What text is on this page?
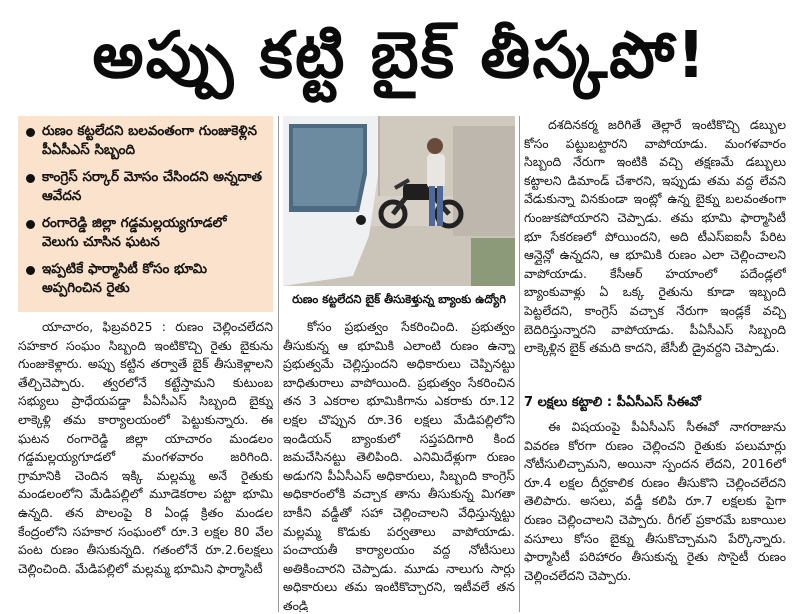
అప్పు కట్టి బైక్ తీస్కపో!
రుణం కట్టలేదని బలవంతంగా గుంజుకెళ్లిన పీఏసీఎస్ సిబ్బంది
కాంగ్రెస్ సర్కార్ మోసం చేసిందని అన్నదాత ఆవేదన
రంగారెడ్డి జిల్లా గడ్డమల్లయ్యగూడలో వెలుగు చూసిన ఘటన
ఇప్పటికే ఫార్మాసిటీ కోసం భూమి అప్పగించిన రైతు
రుణం కట్టలేదని బైక్ తీసుకెళ్తున్న బ్యాంకు ఉద్యోగి

యాచారం, ఫిబ్రవరి25 : రుణం చెల్లించలేదని సహకార సంఘం సిబ్బంది ఇంటికొచ్చి రైతు బైకును గుంజుకెళ్లారు. అప్పు కట్టిన తర్వాతే బైక్ తీసుకెళ్లాలని తేల్చిచెప్పారు. త్వరలోనే కట్టేస్తామని కుటుంబ సభ్యులు ప్రాధేయపడ్డా పీఏసీఎస్ సిబ్బంది బైక్ను లాక్కెళ్లి తమ కార్యాలయంలో పెట్టుకున్నారు. ఈ ఘటన రంగారెడ్డి జిల్లా యాచారం మండలం గడ్డమల్లయ్యగూడలో మంగళవారం జరిగింది. గ్రామానికి చెందిన ఇక్కి మల్లమ్మ అనే రైతుకు మండలంలోని మేడిపల్లిలో మూడెకరాల పట్టా భూమి ఉన్నది. తన పొలంపై 8 ఏండ్ల క్రితం మండల కేంద్రంలోని సహకార సంఘంలో రూ.3 లక్షల 80 వేల పంట రుణం తీసుకున్నది. గతంలోనే రూ.2.6లక్షలు చెల్లించింది. మేడిపల్లిలో మల్లమ్మ భూమిని ఫార్మాసిటీ

కోసం ప్రభుత్వం సేకరించింది. ప్రభుత్వం తీసుకున్న ఆ భూమికి ఎలాంటి రుణం ఉన్నా ప్రభుత్వమే చెల్లిస్తుందని అధికారులు చెప్పినట్టు బాధితురాలు వాపోయింది. ప్రభుత్వం సేకరించిన తన 3 ఎకరాల భూమికిగాను ఎకరాకు రూ.12 లక్షల చొప్పున రూ.36 లక్షలు మేడిపల్లిలోని ఇండియన్ బ్యాంకులో సప్తపదిగారి కింద జమచేసినట్టు తెలిపింది. ఎనిమిదేళ్లుగా రుణం అడుగని పీఏసీఎస్ అధికారులు, సిబ్బంది కాంగ్రెస్ అధికారంలోకి వచ్చాక తాను తీసుకున్న మిగతా బాకీని వడ్డీతో సహా చెల్లించాలని వేధిస్తున్నట్టు మల్లమ్మ కొడుకు పర్వతాలు వాపోయాడు. పంచాయతీ కార్యాలయం వద్ద నోటీసులు అతికించారని చెప్పాడు. మూడు నాలుగు సార్లు అధికారులు తమ ఇంటికొచ్చారని, ఇటీవలే తన తండ్రి

దశదినకర్మ జరిగితే తెల్లారే ఇంటికొచ్చి డబ్బుల కోసం పట్టుబట్టారని వాపోయాడు. మంగళవారం సిబ్బంది నేరుగా ఇంటికి వచ్చి తక్షణమే డబ్బులు కట్టాలని డిమాండ్ చేశారని, ఇప్పుడు తమ వద్ద లేవని వేడుకున్నా వినకుండా ఇంట్లో ఉన్న బైక్ను బలవంతంగా గుంజుకపోయారని చెప్పాడు. తమ భూమి ఫార్మాసిటీ భూ సేకరణలో పోయిందని, అది టీఎస్ఐఐసీ పేరిట ఆన్లైన్లో ఉన్నదని, ఆ భూమికి రుణం ఎలా చెల్లించాలని వాపోయాడు. కేసీఆర్ హయాంలో పదేండ్లలో బ్యాంకువాళ్లు ఏ ఒక్క రైతును కూడా ఇబ్బంది పెట్టలేదని, కాంగ్రెస్ వచ్చాక నేరుగా ఇండ్లకే వచ్చి బెదిరిస్తున్నారని వాపోయాడు. పీఏసీఎస్ సిబ్బంది లాక్కెళ్లిన బైక్ తమది కాదని, జేసీబీ డ్రైవర్దని చెప్పాడు.

7 లక్షలు కట్టాలి : పీఏసీఎస్ సీఈవో

ఈ విషయంపై పీఏసీఎస్ సీఈవో నాగరాజును వివరణ కోరగా రుణం చెల్లించని రైతుకు పలుమార్లు నోటీసులిచ్చామని, అయినా స్పందన లేదని, 2016లో రూ.4 లక్షల దీర్ఘకాలిక రుణం తీసుకొని చెల్లించలేదని తెలిపారు. అసలు, వడ్డీ కలిపి రూ.7 లక్షలకు పైగా రుణం చెల్లించాలని చెప్పారు. రీగల్ ప్రకారమే బకాయిల వసూలు కోసం బైక్ను తీసుకొచ్చామని పేర్కొన్నారు. ఫార్మాసిటీ పరిహారం తీసుకున్న రైతు సొసైటీ రుణం చెల్లించలేదని చెప్పారు.
